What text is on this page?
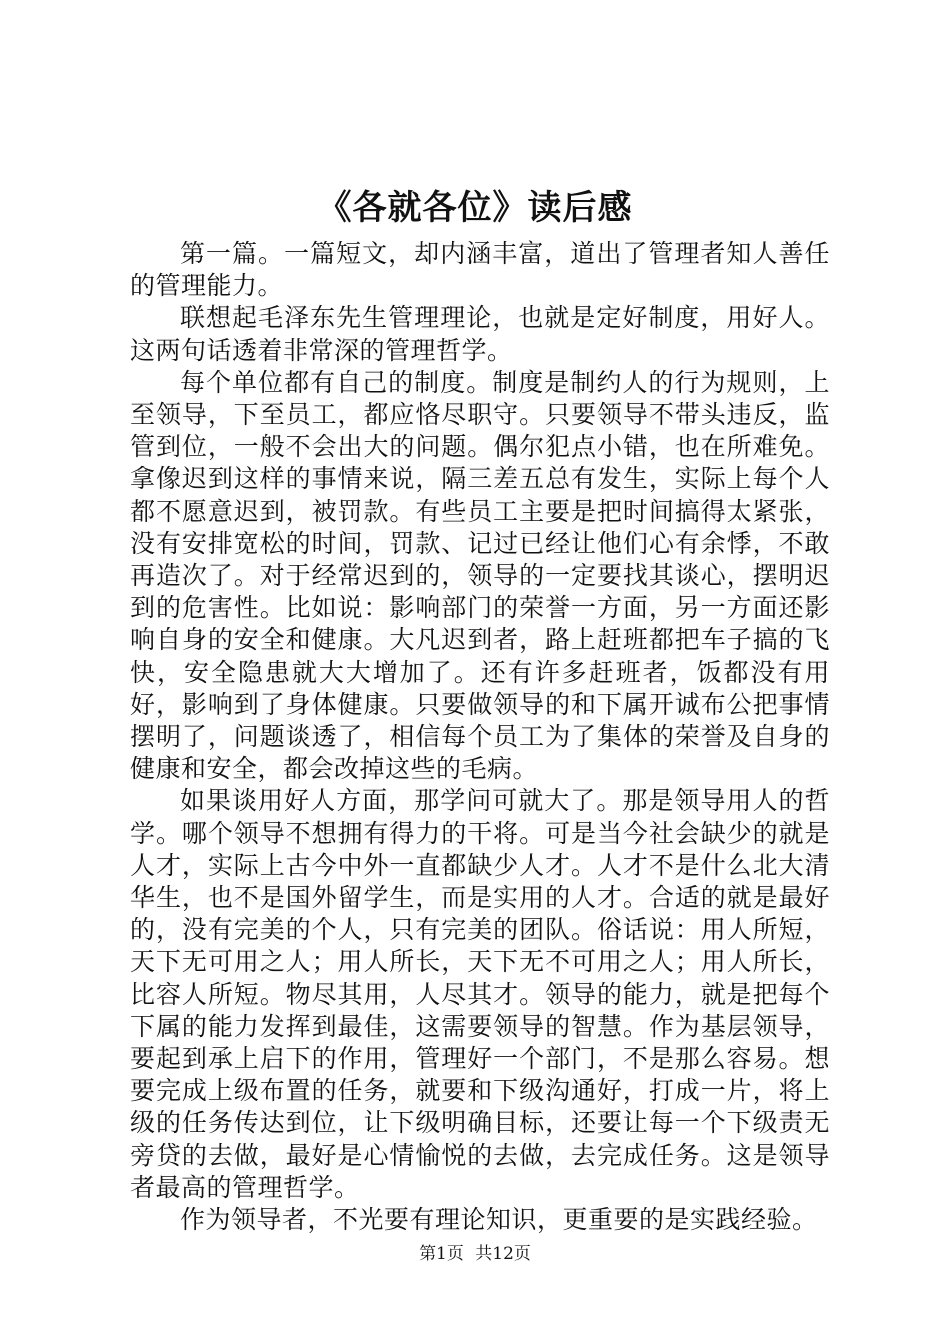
《各就各位》读后感

第一篇。一篇短文，却内涵丰富，道出了管理者知人善任的管理能力。

联想起毛泽东先生管理理论，也就是定好制度，用好人。这两句话透着非常深的管理哲学。

每个单位都有自己的制度。制度是制约人的行为规则，上至领导，下至员工，都应恪尽职守。只要领导不带头违反，监管到位，一般不会出大的问题。偶尔犯点小错，也在所难免。拿像迟到这样的事情来说，隔三差五总有发生，实际上每个人都不愿意迟到，被罚款。有些员工主要是把时间搞得太紧张，没有安排宽松的时间，罚款、记过已经让他们心有余悸，不敢再造次了。对于经常迟到的，领导的一定要找其谈心，摆明迟到的危害性。比如说：影响部门的荣誉一方面，另一方面还影响自身的安全和健康。大凡迟到者，路上赶班都把车子搞的飞快，安全隐患就大大增加了。还有许多赶班者，饭都没有用好，影响到了身体健康。只要做领导的和下属开诚布公把事情摆明了，问题谈透了，相信每个员工为了集体的荣誉及自身的健康和安全，都会改掉这些的毛病。

如果谈用好人方面，那学问可就大了。那是领导用人的哲学。哪个领导不想拥有得力的干将。可是当今社会缺少的就是人才，实际上古今中外一直都缺少人才。人才不是什么北大清华生，也不是国外留学生，而是实用的人才。合适的就是最好的，没有完美的个人，只有完美的团队。俗话说：用人所短，天下无可用之人；用人所长，天下无不可用之人；用人所长，比容人所短。物尽其用，人尽其才。领导的能力，就是把每个下属的能力发挥到最佳，这需要领导的智慧。作为基层领导，要起到承上启下的作用，管理好一个部门，不是那么容易。想要完成上级布置的任务，就要和下级沟通好，打成一片，将上级的任务传达到位，让下级明确目标，还要让每一个下级责无旁贷的去做，最好是心情愉悦的去做，去完成任务。这是领导者最高的管理哲学。

作为领导者，不光要有理论知识，更重要的是实践经验。

第1页 共12页
